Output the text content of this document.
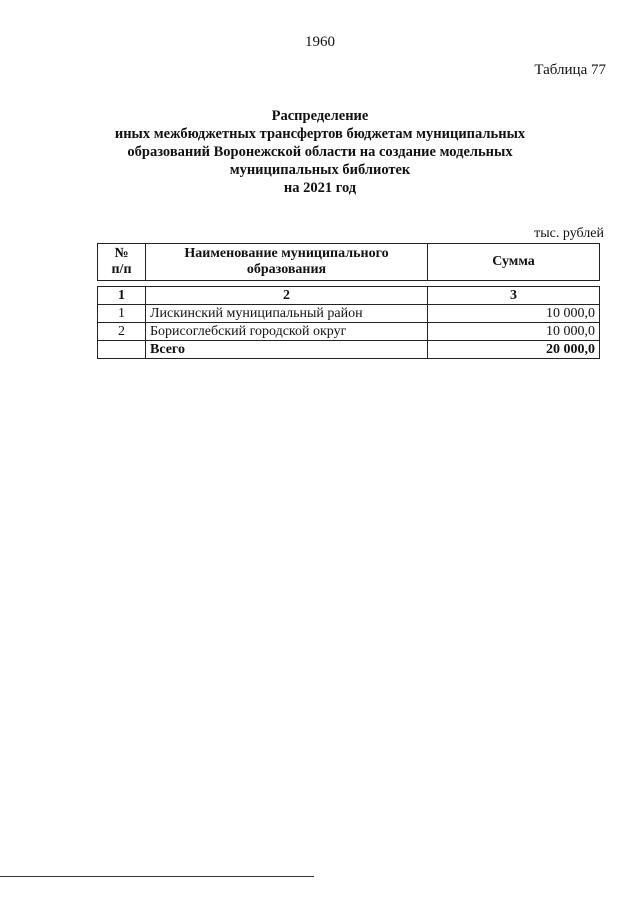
1960
Таблица 77
Распределение
иных межбюджетных трансфертов бюджетам муниципальных
образований Воронежской области на создание модельных
муниципальных библиотек
на 2021 год
тыс. рублей
№
п/п	Наименование муниципального образования	Сумма
1	2	3
1	Лискинский муниципальный район	10 000,0
2	Борисоглебский городской округ	10 000,0
	Всего	20 000,0
